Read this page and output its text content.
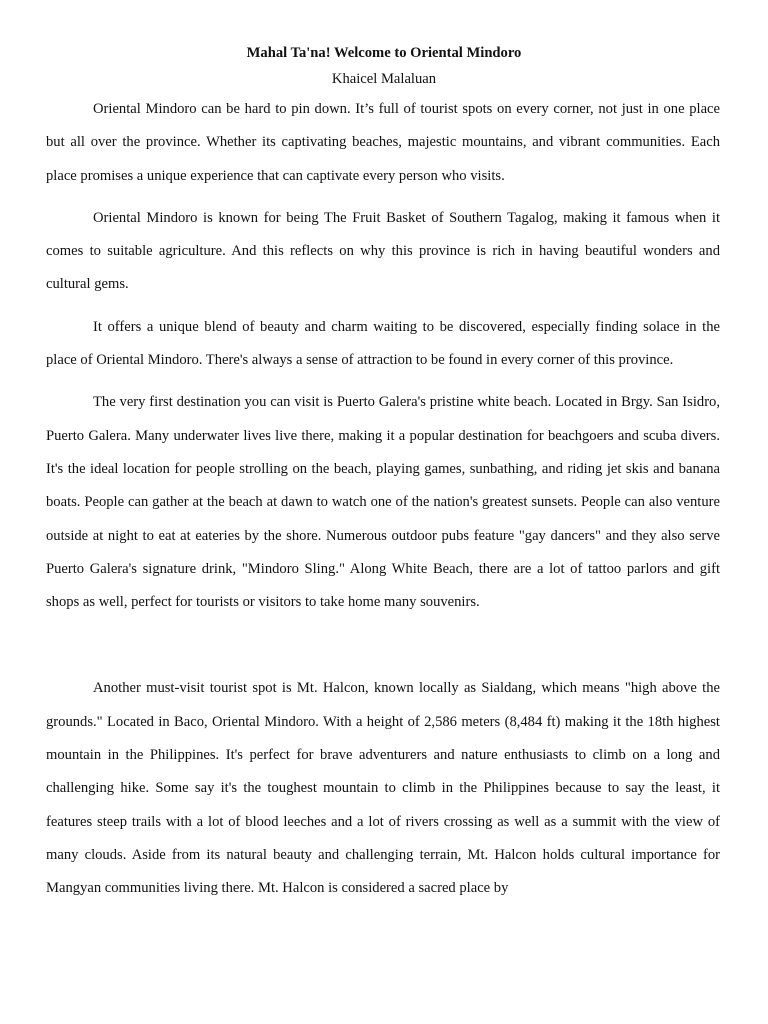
Mahal Ta'na! Welcome to Oriental Mindoro
Khaicel Malaluan

Oriental Mindoro can be hard to pin down. It’s full of tourist spots on every corner, not just in one place but all over the province. Whether its captivating beaches, majestic mountains, and vibrant communities. Each place promises a unique experience that can captivate every person who visits.

Oriental Mindoro is known for being The Fruit Basket of Southern Tagalog, making it famous when it comes to suitable agriculture. And this reflects on why this province is rich in having beautiful wonders and cultural gems.

It offers a unique blend of beauty and charm waiting to be discovered, especially finding solace in the place of Oriental Mindoro. There's always a sense of attraction to be found in every corner of this province.

The very first destination you can visit is Puerto Galera's pristine white beach. Located in Brgy. San Isidro, Puerto Galera. Many underwater lives live there, making it a popular destination for beachgoers and scuba divers. It's the ideal location for people strolling on the beach, playing games, sunbathing, and riding jet skis and banana boats. People can gather at the beach at dawn to watch one of the nation's greatest sunsets. People can also venture outside at night to eat at eateries by the shore. Numerous outdoor pubs feature "gay dancers" and they also serve Puerto Galera's signature drink, "Mindoro Sling." Along White Beach, there are a lot of tattoo parlors and gift shops as well, perfect for tourists or visitors to take home many souvenirs.

Another must-visit tourist spot is Mt. Halcon, known locally as Sialdang, which means "high above the grounds." Located in Baco, Oriental Mindoro. With a height of 2,586 meters (8,484 ft) making it the 18th highest mountain in the Philippines. It's perfect for brave adventurers and nature enthusiasts to climb on a long and challenging hike. Some say it's the toughest mountain to climb in the Philippines because to say the least, it features steep trails with a lot of blood leeches and a lot of rivers crossing as well as a summit with the view of many clouds. Aside from its natural beauty and challenging terrain, Mt. Halcon holds cultural importance for Mangyan communities living there. Mt. Halcon is considered a sacred place by
